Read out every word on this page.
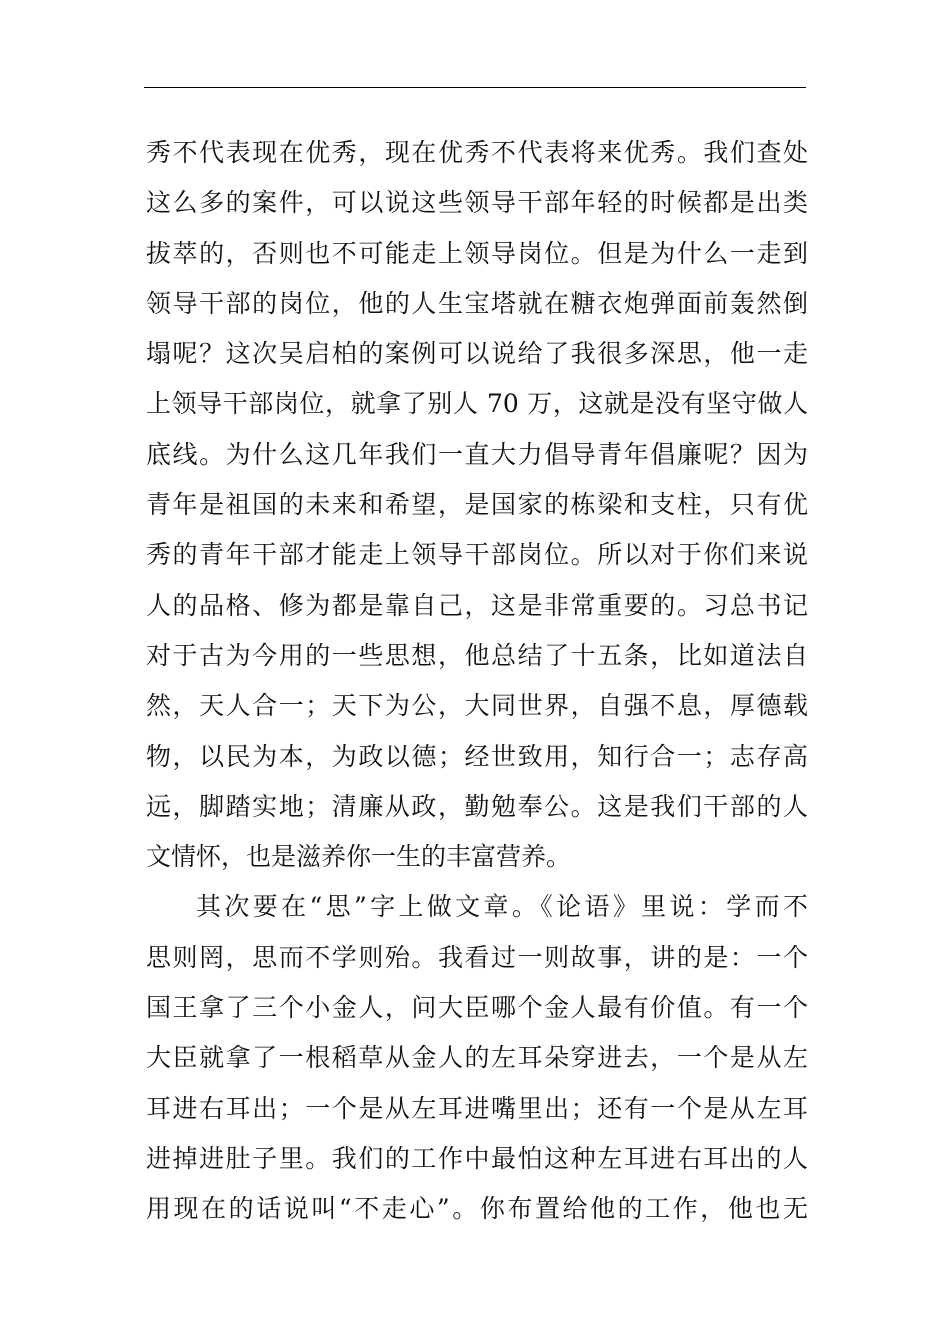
秀不代表现在优秀，现在优秀不代表将来优秀。我们查处
这么多的案件，可以说这些领导干部年轻的时候都是出类
拔萃的，否则也不可能走上领导岗位。但是为什么一走到
领导干部的岗位，他的人生宝塔就在糖衣炮弹面前轰然倒
塌呢？这次吴启柏的案例可以说给了我很多深思，他一走
上领导干部岗位，就拿了别人 70 万，这就是没有坚守做人
底线。为什么这几年我们一直大力倡导青年倡廉呢？因为
青年是祖国的未来和希望，是国家的栋梁和支柱，只有优
秀的青年干部才能走上领导干部岗位。所以对于你们来说
人的品格、修为都是靠自己，这是非常重要的。习总书记
对于古为今用的一些思想，他总结了十五条，比如道法自
然，天人合一；天下为公，大同世界，自强不息，厚德载
物，以民为本，为政以德；经世致用，知行合一；志存高
远，脚踏实地；清廉从政，勤勉奉公。这是我们干部的人
文情怀，也是滋养你一生的丰富营养。
其次要在“思”字上做文章。《论语》里说：学而不
思则罔，思而不学则殆。我看过一则故事，讲的是：一个
国王拿了三个小金人，问大臣哪个金人最有价值。有一个
大臣就拿了一根稻草从金人的左耳朵穿进去，一个是从左
耳进右耳出；一个是从左耳进嘴里出；还有一个是从左耳
进掉进肚子里。我们的工作中最怕这种左耳进右耳出的人
用现在的话说叫“不走心”。你布置给他的工作，他也无
